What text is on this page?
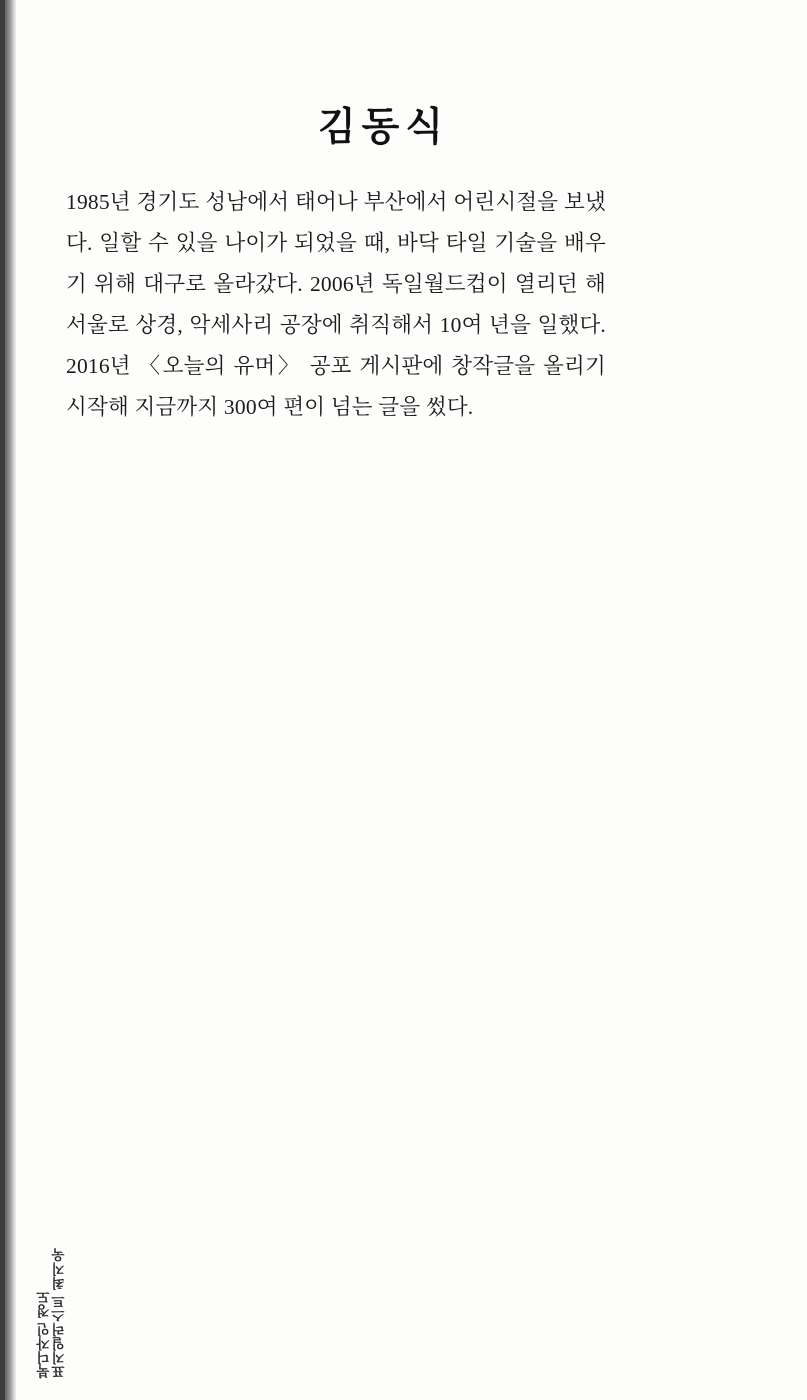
김동식
1985년 경기도 성남에서 태어나 부산에서 어린시절을 보냈다. 일할 수 있을 나이가 되었을 때, 바닥 타일 기술을 배우기 위해 대구로 올라갔다. 2006년 독일월드컵이 열리던 해 서울로 상경, 악세사리 공장에 취직해서 10여 년을 일했다. 2016년 〈오늘의 유머〉 공포 게시판에 창작글을 올리기 시작해 지금까지 300여 편이 넘는 글을 썼다.
표지일러스트 최지욱
북디자인 정도
